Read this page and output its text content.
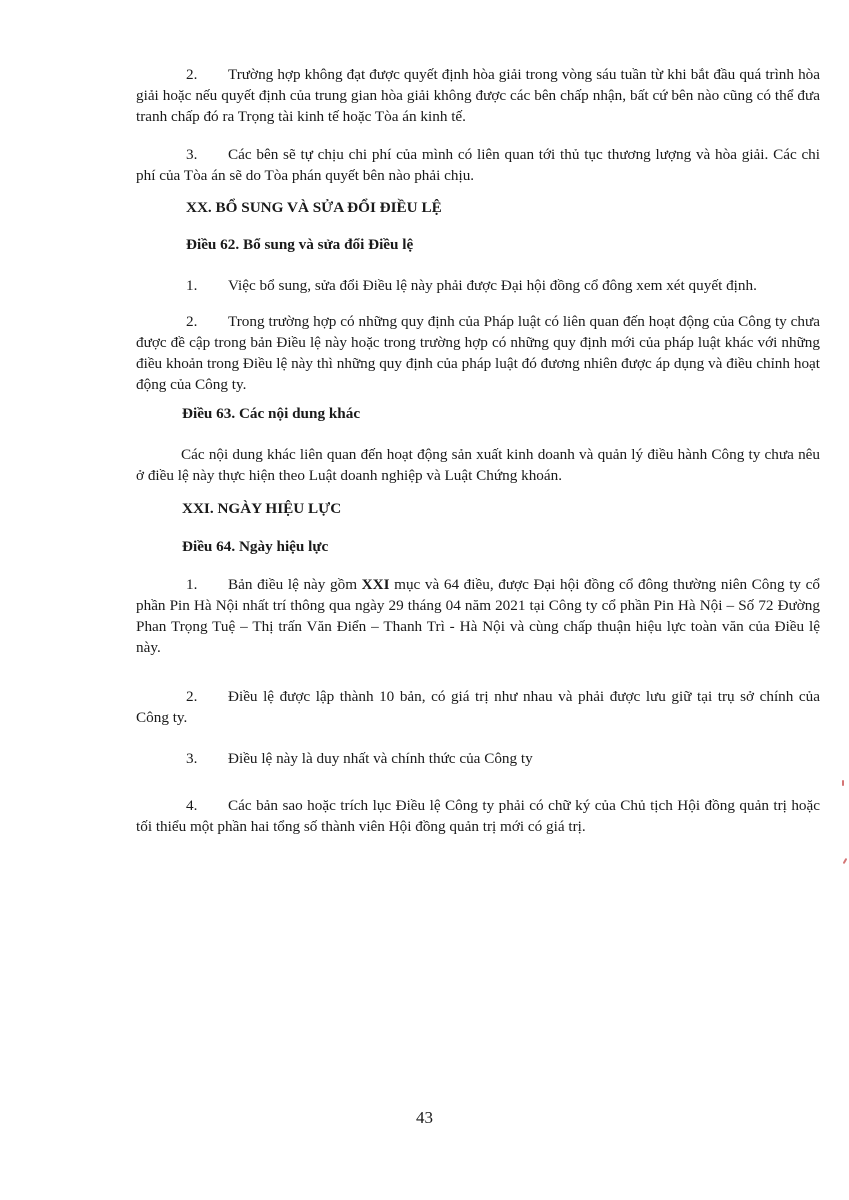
2. Trường hợp không đạt được quyết định hòa giải trong vòng sáu tuần từ khi bắt đầu quá trình hòa giải hoặc nếu quyết định của trung gian hòa giải không được các bên chấp nhận, bất cứ bên nào cũng có thể đưa tranh chấp đó ra Trọng tài kinh tế hoặc Tòa án kinh tế.
3. Các bên sẽ tự chịu chi phí của mình có liên quan tới thủ tục thương lượng và hòa giải. Các chi phí của Tòa án sẽ do Tòa phán quyết bên nào phải chịu.
XX. BỔ SUNG VÀ SỬA ĐỔI ĐIỀU LỆ
Điều 62. Bổ sung và sửa đổi Điều lệ
1. Việc bổ sung, sửa đổi Điều lệ này phải được Đại hội đồng cổ đông xem xét quyết định.
2. Trong trường hợp có những quy định của Pháp luật có liên quan đến hoạt động của Công ty chưa được đề cập trong bản Điều lệ này hoặc trong trường hợp có những quy định mới của pháp luật khác với những điều khoản trong Điều lệ này thì những quy định của pháp luật đó đương nhiên được áp dụng và điều chỉnh hoạt động của Công ty.
Điều 63. Các nội dung khác
Các nội dung khác liên quan đến hoạt động sản xuất kinh doanh và quản lý điều hành Công ty chưa nêu ở điều lệ này thực hiện theo Luật doanh nghiệp và Luật Chứng khoán.
XXI. NGÀY HIỆU LỰC
Điều 64. Ngày hiệu lực
1. Bản điều lệ này gồm XXI mục và 64 điều, được Đại hội đồng cổ đông thường niên Công ty cổ phần Pin Hà Nội nhất trí thông qua ngày 29 tháng 04 năm 2021 tại Công ty cổ phần Pin Hà Nội – Số 72 Đường Phan Trọng Tuệ – Thị trấn Văn Điển – Thanh Trì - Hà Nội và cùng chấp thuận hiệu lực toàn văn của Điều lệ này.
2. Điều lệ được lập thành 10 bản, có giá trị như nhau và phải được lưu giữ tại trụ sở chính của Công ty.
3. Điều lệ này là duy nhất và chính thức của Công ty
4. Các bản sao hoặc trích lục Điều lệ Công ty phải có chữ ký của Chủ tịch Hội đồng quản trị hoặc tối thiểu một phần hai tổng số thành viên Hội đồng quản trị mới có giá trị.
43
